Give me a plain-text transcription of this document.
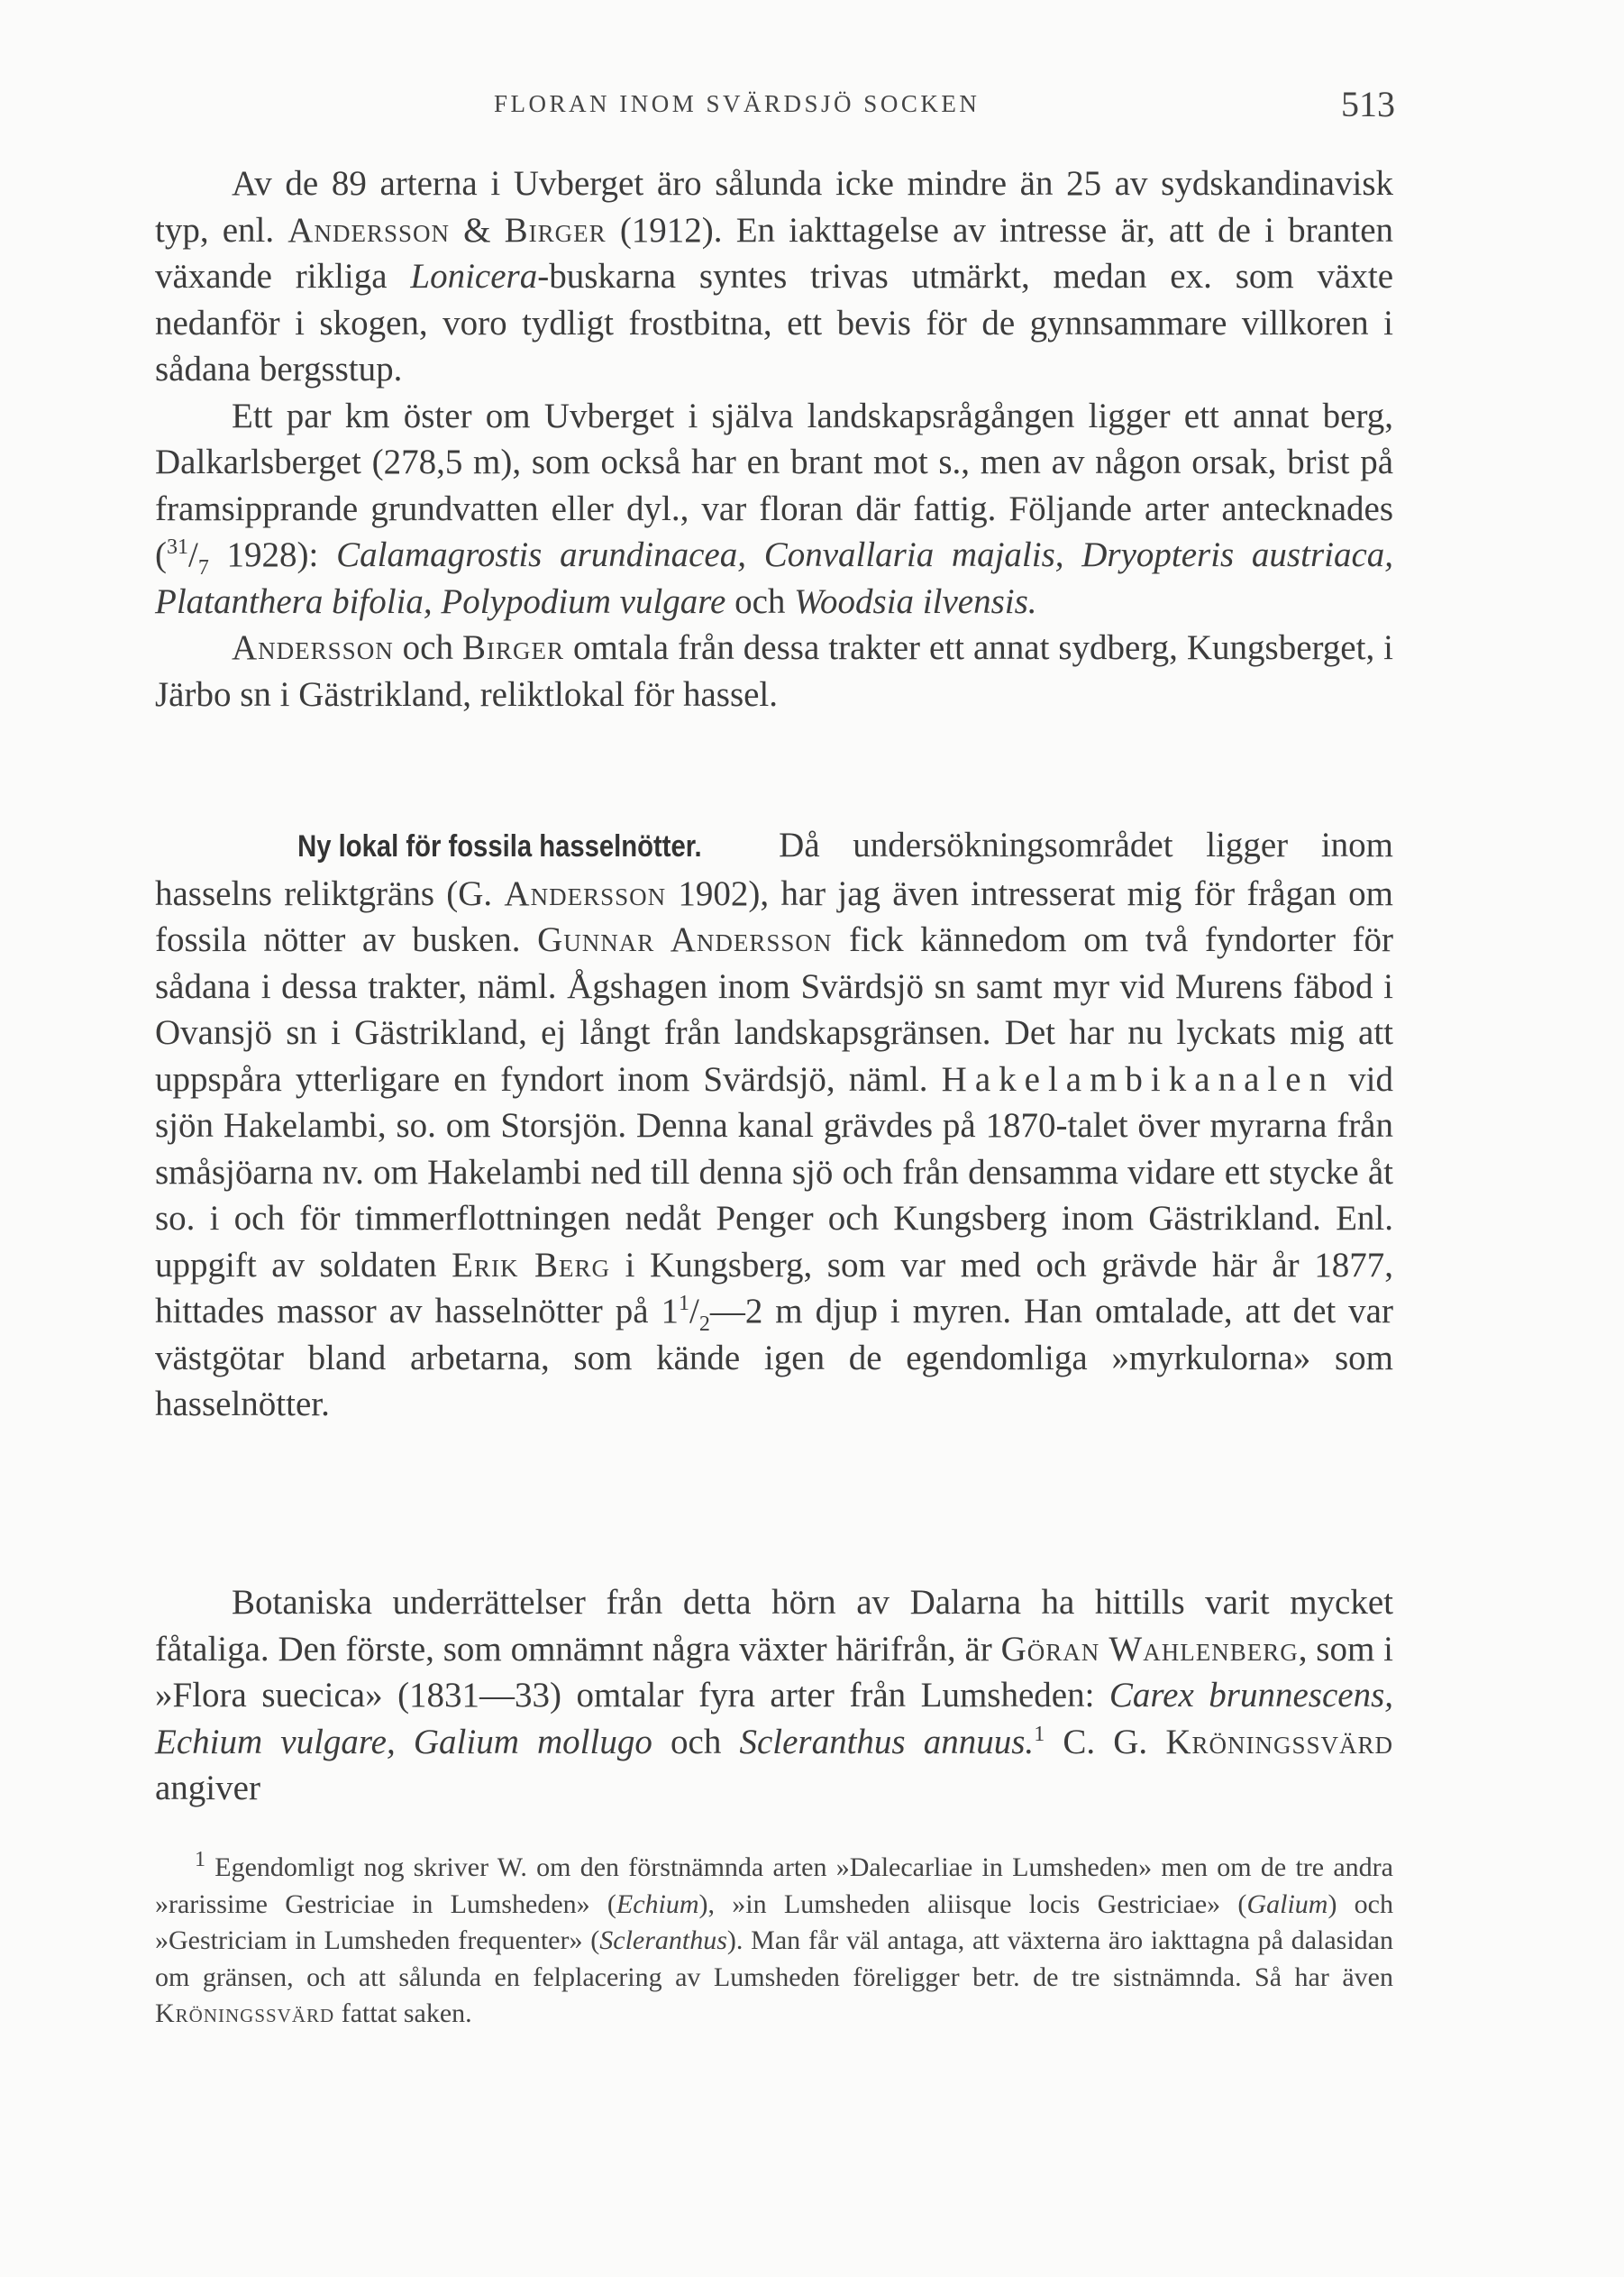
FLORAN INOM SVÄRDSJÖ SOCKEN	513

Av de 89 arterna i Uvberget äro sålunda icke mindre än 25 av sydskandinavisk typ, enl. Andersson & Birger (1912). En iakttagelse av intresse är, att de i branten växande rikliga Lonicera-buskarna syntes trivas utmärkt, medan ex. som växte nedanför i skogen, voro tydligt frostbitna, ett bevis för de gynnsammare villkoren i sådana bergsstup.

Ett par km öster om Uvberget i själva landskapsrågången ligger ett annat berg, Dalkarlsberget (278,5 m), som också har en brant mot s., men av någon orsak, brist på framsipprande grundvatten eller dyl., var floran där fattig. Följande arter antecknades ($^{31}/_7$ 1928): Calamagrostis arundinacea, Convallaria majalis, Dryopteris austriaca, Platanthera bifolia, Polypodium vulgare och Woodsia ilvensis.

Andersson och Birger omtala från dessa trakter ett annat sydberg, Kungsberget, i Järbo sn i Gästrikland, reliktlokal för hassel.

Ny lokal för fossila hasselnötter. Då undersökningsområdet ligger inom hasselns reliktgräns (G. Andersson 1902), har jag även intresserat mig för frågan om fossila nötter av busken. Gunnar Andersson fick kännedom om två fyndorter för sådana i dessa trakter, näml. Ågshagen inom Svärdsjö sn samt myr vid Murens fäbod i Ovansjö sn i Gästrikland, ej långt från landskapsgränsen. Det har nu lyckats mig att uppspåra ytterligare en fyndort inom Svärdsjö, näml. Hakelambikanalen vid sjön Hakelambi, so. om Storsjön. Denna kanal grävdes på 1870-talet över myrarna från småsjöarna nv. om Hakelambi ned till denna sjö och från densamma vidare ett stycke åt so. i och för timmerflottningen nedåt Penger och Kungsberg inom Gästrikland. Enl. uppgift av soldaten Erik Berg i Kungsberg, som var med och grävde här år 1877, hittades massor av hasselnötter på $1^1/_2—2$ m djup i myren. Han omtalade, att det var västgötar bland arbetarna, som kände igen de egendomliga »myrkulorna» som hasselnötter.

Botaniska underrättelser från detta hörn av Dalarna ha hittills varit mycket fåtaliga. Den förste, som omnämnt några växter härifrån, är Göran Wahlenberg, som i »Flora suecica» (1831—33) omtalar fyra arter från Lumsheden: Carex brunnescens, Echium vulgare, Galium mollugo och Scleranthus annuus.$^1$ C. G. Kröningssvärd angiver

$^1$ Egendomligt nog skriver W. om den förstnämnda arten »Dalecarliae in Lumsheden» men om de tre andra »rarissime Gestriciae in Lumsheden» (Echium), »in Lumsheden aliisque locis Gestriciae» (Galium) och »Gestriciam in Lumsheden frequenter» (Scleranthus). Man får väl antaga, att växterna äro iakttagna på dalasidan om gränsen, och att sålunda en felplacering av Lumsheden föreligger betr. de tre sistnämnda. Så har även Kröningssvärd fattat saken.
